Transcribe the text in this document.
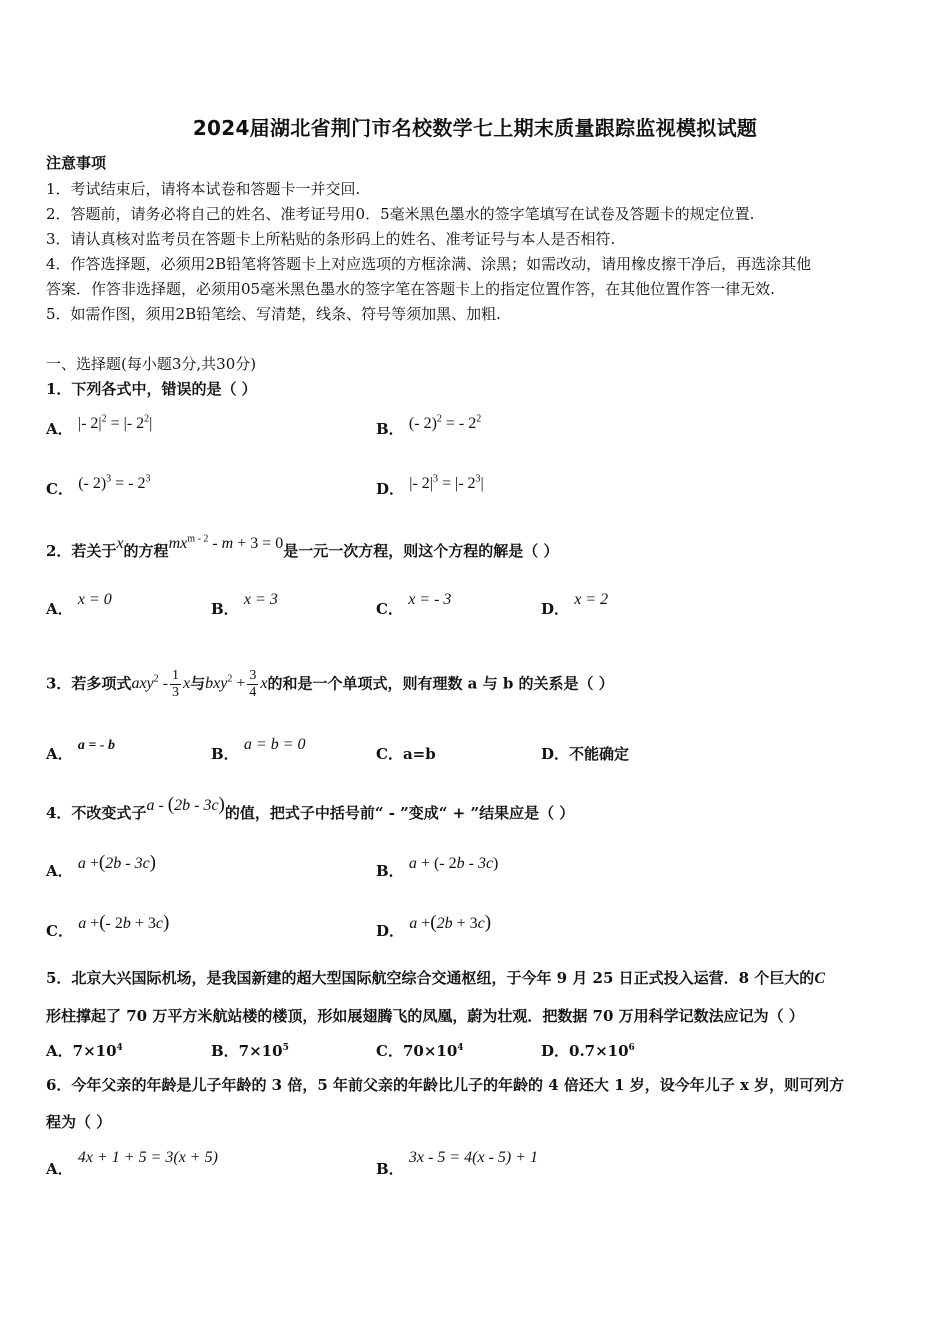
2024届湖北省荆门市名校数学七上期末质量跟踪监视模拟试题
注意事项
1．考试结束后，请将本试卷和答题卡一并交回.
2．答题前，请务必将自己的姓名、准考证号用0．5毫米黑色墨水的签字笔填写在试卷及答题卡的规定位置.
3．请认真核对监考员在答题卡上所粘贴的条形码上的姓名、准考证号与本人是否相符.
4．作答选择题，必须用2B铅笔将答题卡上对应选项的方框涂满、涂黑；如需改动，请用橡皮擦干净后，再选涂其他
答案．作答非选择题，必须用05毫米黑色墨水的签字笔在答题卡上的指定位置作答，在其他位置作答一律无效.
5．如需作图，须用2B铅笔绘、写清楚，线条、符号等须加黑、加粗.
一、选择题(每小题3分,共30分)
1．下列各式中，错误的是（ ）
A． |- $2|^2$ = |- $2^2|$	B． (- 2)$^2$ = - $2^2$
C． (- 2)$^3$ = - $2^3$
D． |- $2|^3$ = |- $2^3|$
2．若关于x的方程$mx^{m - 2} - m + 3 = 0$是一元一次方程，则这个方程的解是（ ）
A． x = 0
B． x = 3
C． x = - 3
D． x = 2
3．若多项式$axy^2 - \frac{1}{3}$ x与$bxy^2 + \frac{3}{4}$ x的和是一个单项式，则有理数 a 与 b 的关系是（ ）
A． a = - b	B． a = b = 0
C．a=b	D．不能确定
4．不改变式子a - (2b - 3c)的值，把式子中括号前“ - ”变成“ + ”结果应是（ ）
A． a +(2b - 3c)	B． a + (- 2b - 3c)
C． a +(- 2b + 3c)	D． a +(2b + 3c)
5．北京大兴国际机场，是我国新建的超大型国际航空综合交通枢纽，于今年 9 月 25 日正式投入运营．8 个巨大的C
形柱撑起了 70 万平方米航站楼的楼顶，形如展翅腾飞的凤凰，蔚为壮观．把数据 70 万用科学记数法应记为（ ）
A．$7\times 10^4$	B．$7\times 10^5$	C．$70\times 10^4$	D．$0.7\times 10^6$
6．今年父亲的年龄是儿子年龄的 3 倍，5 年前父亲的年龄比儿子的年龄的 4 倍还大 1 岁，设今年儿子 x 岁，则可列方
程为（ ）
A． 4x + 1 + 5 = 3(x + 5)
B． 3x - 5 = 4(x - 5) + 1
